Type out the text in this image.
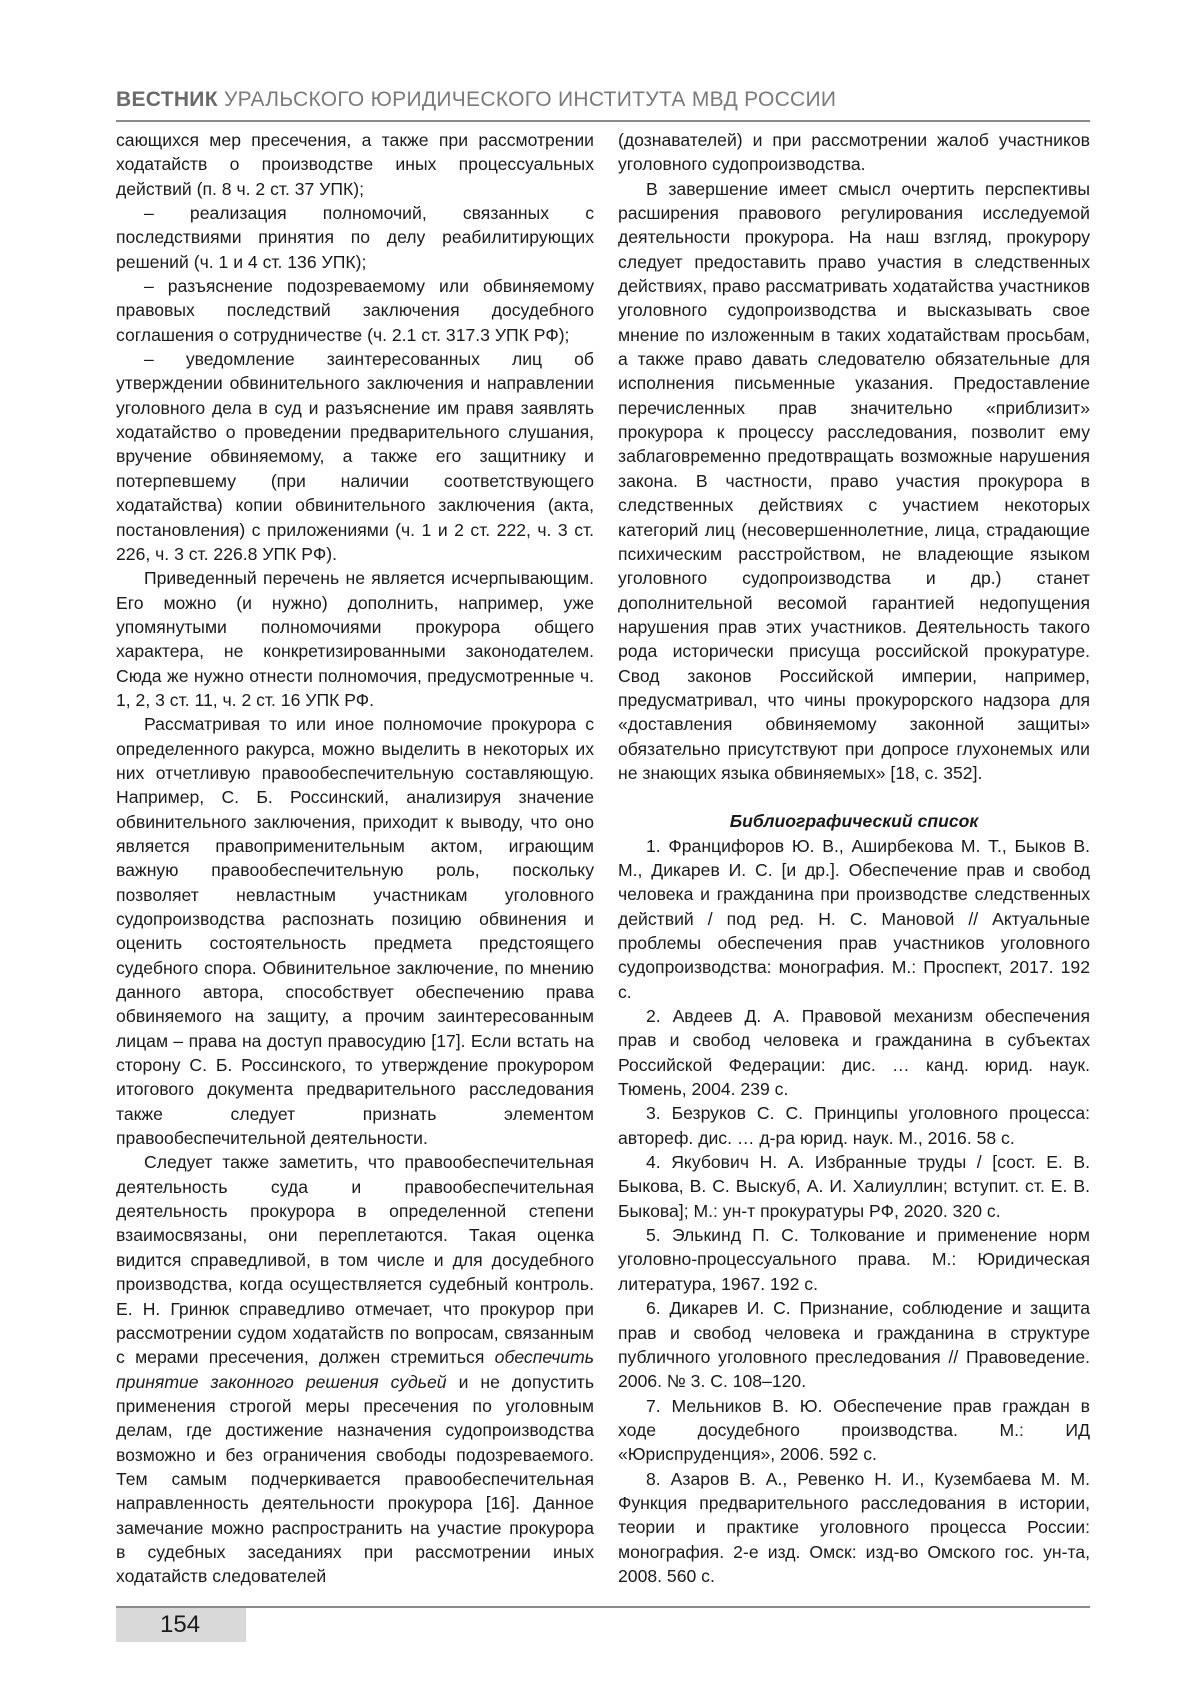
ВЕСТНИК УРАЛЬСКОГО ЮРИДИЧЕСКОГО ИНСТИТУТА МВД РОССИИ

сающихся мер пресечения, а также при рассмотрении ходатайств о производстве иных процессуальных действий (п. 8 ч. 2 ст. 37 УПК);

– реализация полномочий, связанных с последствиями принятия по делу реабилитирующих решений (ч. 1 и 4 ст. 136 УПК);

– разъяснение подозреваемому или обвиняемому правовых последствий заключения досудебного соглашения о сотрудничестве (ч. 2.1 ст. 317.3 УПК РФ);

– уведомление заинтересованных лиц об утверждении обвинительного заключения и направлении уголовного дела в суд и разъяснение им правя заявлять ходатайство о проведении предварительного слушания, вручение обвиняемому, а также его защитнику и потерпевшему (при наличии соответствующего ходатайства) копии обвинительного заключения (акта, постановления) с приложениями (ч. 1 и 2 ст. 222, ч. 3 ст. 226, ч. 3 ст. 226.8 УПК РФ).

Приведенный перечень не является исчерпывающим. Его можно (и нужно) дополнить, например, уже упомянутыми полномочиями прокурора общего характера, не конкретизированными законодателем. Сюда же нужно отнести полномочия, предусмотренные ч. 1, 2, 3 ст. 11, ч. 2 ст. 16 УПК РФ.

Рассматривая то или иное полномочие прокурора с определенного ракурса, можно выделить в некоторых их них отчетливую правообеспечительную составляющую. Например, С. Б. Россинский, анализируя значение обвинительного заключения, приходит к выводу, что оно является правоприменительным актом, играющим важную правообеспечительную роль, поскольку позволяет невластным участникам уголовного судопроизводства распознать позицию обвинения и оценить состоятельность предмета предстоящего судебного спора. Обвинительное заключение, по мнению данного автора, способствует обеспечению права обвиняемого на защиту, а прочим заинтересованным лицам – права на доступ правосудию [17]. Если встать на сторону С. Б. Россинского, то утверждение прокурором итогового документа предварительного расследования также следует признать элементом правообеспечительной деятельности.

Следует также заметить, что правообеспечительная деятельность суда и правообеспечительная деятельность прокурора в определенной степени взаимосвязаны, они переплетаются. Такая оценка видится справедливой, в том числе и для досудебного производства, когда осуществляется судебный контроль. Е. Н. Гринюк справедливо отмечает, что прокурор при рассмотрении судом ходатайств по вопросам, связанным с мерами пресечения, должен стремиться обеспечить принятие законного решения судьей и не допустить применения строгой меры пресечения по уголовным делам, где достижение назначения судопроизводства возможно и без ограничения свободы подозреваемого. Тем самым подчеркивается правообеспечительная направленность деятельности прокурора [16]. Данное замечание можно распространить на участие прокурора в судебных заседаниях при рассмотрении иных ходатайств следователей

(дознавателей) и при рассмотрении жалоб участников уголовного судопроизводства.

В завершение имеет смысл очертить перспективы расширения правового регулирования исследуемой деятельности прокурора. На наш взгляд, прокурору следует предоставить право участия в следственных действиях, право рассматривать ходатайства участников уголовного судопроизводства и высказывать свое мнение по изложенным в таких ходатайствам просьбам, а также право давать следователю обязательные для исполнения письменные указания. Предоставление перечисленных прав значительно «приблизит» прокурора к процессу расследования, позволит ему заблаговременно предотвращать возможные нарушения закона. В частности, право участия прокурора в следственных действиях с участием некоторых категорий лиц (несовершеннолетние, лица, страдающие психическим расстройством, не владеющие языком уголовного судопроизводства и др.) станет дополнительной весомой гарантией недопущения нарушения прав этих участников. Деятельность такого рода исторически присуща российской прокуратуре. Свод законов Российской империи, например, предусматривал, что чины прокурорского надзора для «доставления обвиняемому законной защиты» обязательно присутствуют при допросе глухонемых или не знающих языка обвиняемых» [18, с. 352].

Библиографический список

1. Францифоров Ю. В., Аширбекова М. Т., Быков В. М., Дикарев И. С. [и др.]. Обеспечение прав и свобод человека и гражданина при производстве следственных действий / под ред. Н. С. Мановой // Актуальные проблемы обеспечения прав участников уголовного судопроизводства: монография. М.: Проспект, 2017. 192 с.

2. Авдеев Д. А. Правовой механизм обеспечения прав и свобод человека и гражданина в субъектах Российской Федерации: дис. … канд. юрид. наук. Тюмень, 2004. 239 с.

3. Безруков С. С. Принципы уголовного процесса: автореф. дис. … д-ра юрид. наук. М., 2016. 58 с.

4. Якубович Н. А. Избранные труды / [сост. Е. В. Быкова, В. С. Выскуб, А. И. Халиуллин; вступит. ст. Е. В. Быкова]; М.: ун-т прокуратуры РФ, 2020. 320 с.

5. Элькинд П. С. Толкование и применение норм уголовно-процессуального права. М.: Юридическая литература, 1967. 192 с.

6. Дикарев И. С. Признание, соблюдение и защита прав и свобод человека и гражданина в структуре публичного уголовного преследования // Правоведение. 2006. № 3. С. 108–120.

7. Мельников В. Ю. Обеспечение прав граждан в ходе досудебного производства. М.: ИД «Юриспруденция», 2006. 592 с.

8. Азаров В. А., Ревенко Н. И., Кузембаева М. М. Функция предварительного расследования в истории, теории и практике уголовного процесса России: монография. 2-е изд. Омск: изд-во Омского гос. ун-та, 2008. 560 с.

154
